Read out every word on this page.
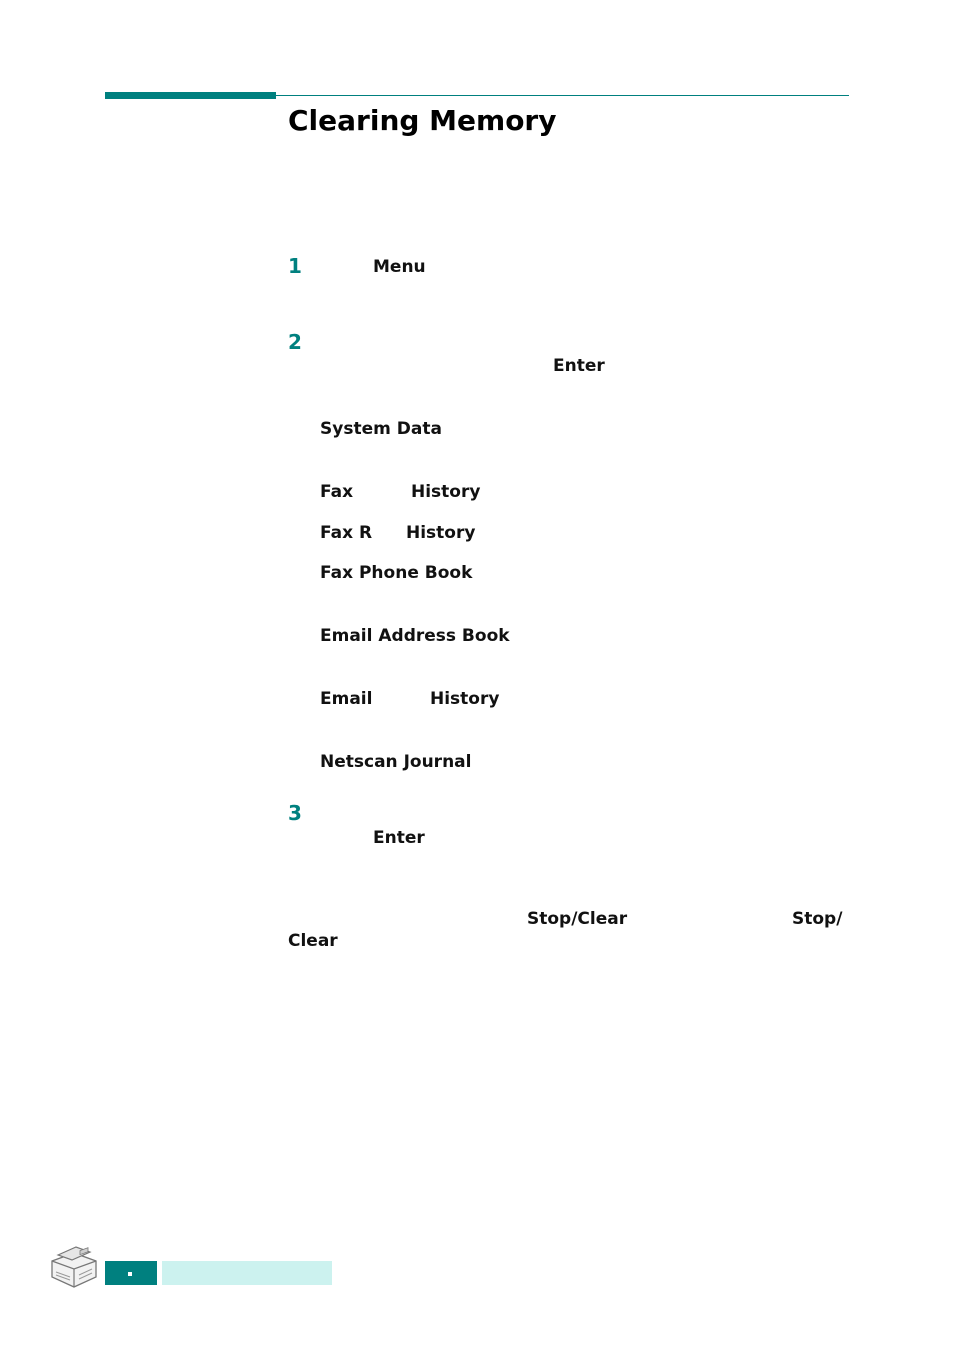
Clearing Memory
1	Menu
2
Enter
System Data
Fax	History
Fax R History
Fax Phone Book
Email Address Book
Email	History
Netscan Journal
3
Enter
Stop/Clear	Stop/
Clear
